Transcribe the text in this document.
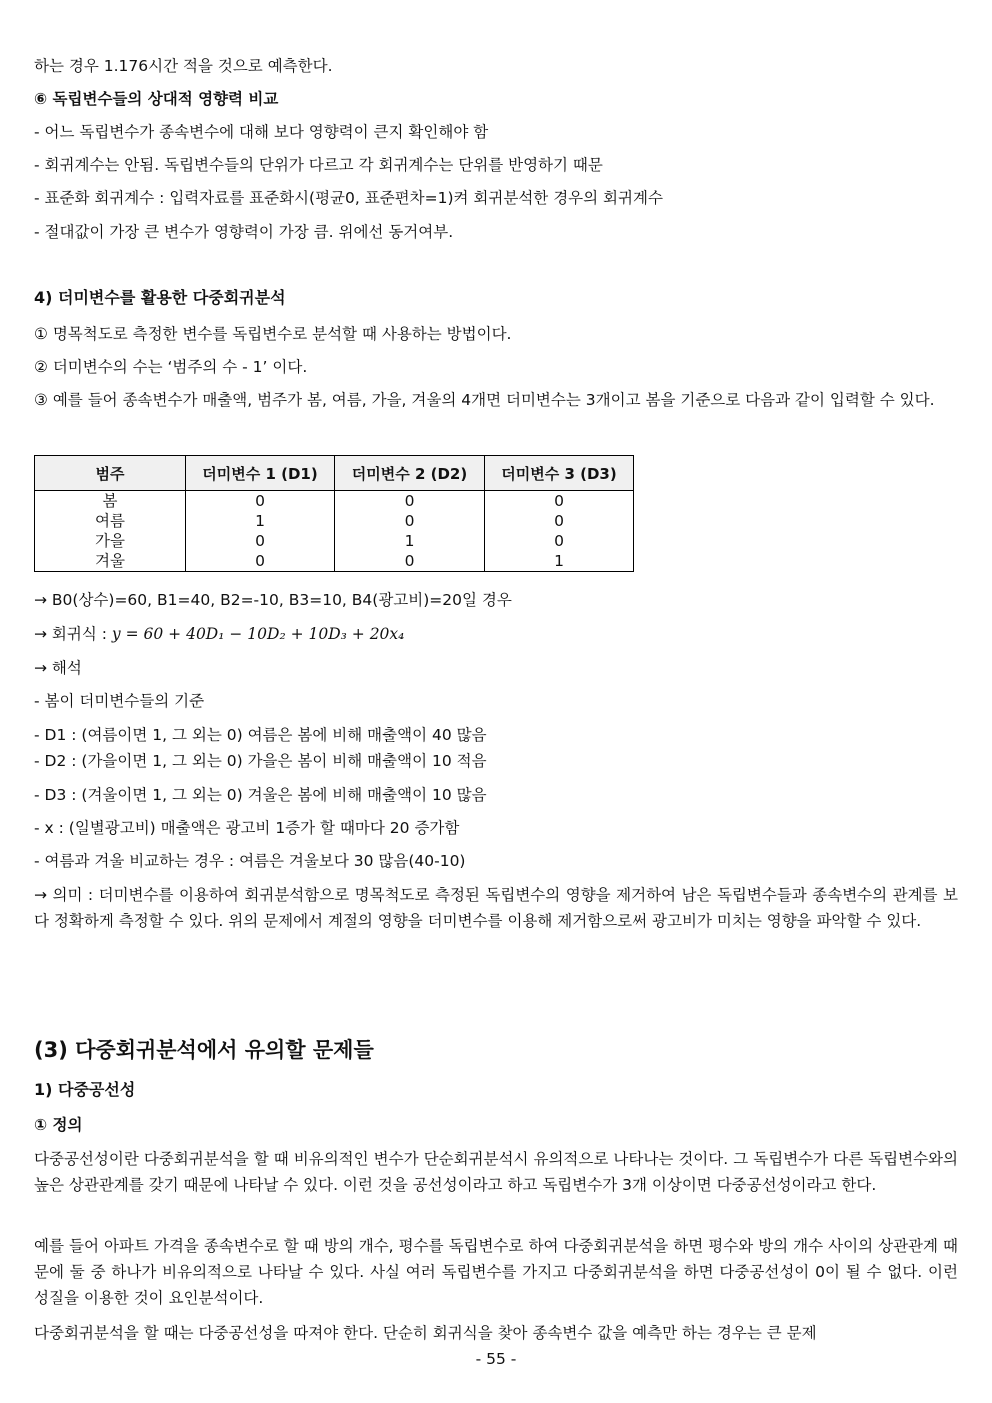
하는 경우 1.176시간 적을 것으로 예측한다.
⑥ 독립변수들의 상대적 영향력 비교
- 어느 독립변수가 종속변수에 대해 보다 영향력이 큰지 확인해야 함
- 회귀계수는 안됨. 독립변수들의 단위가 다르고 각 회귀계수는 단위를 반영하기 때문
- 표준화 회귀계수 : 입력자료를 표준화시(평균0, 표준편차=1)켜 회귀분석한 경우의 회귀계수
- 절대값이 가장 큰 변수가 영향력이 가장 큼. 위에선 동거여부.
4) 더미변수를 활용한 다중회귀분석
① 명목척도로 측정한 변수를 독립변수로 분석할 때 사용하는 방법이다.
② 더미변수의 수는 ‘범주의 수 - 1’ 이다.
③ 예를 들어 종속변수가 매출액, 범주가 봄, 여름, 가을, 겨울의 4개면 더미변수는 3개이고 봄을 기준으로 다음과 같이 입력할 수 있다.
범주	더미변수 1 (D1)	더미변수 2 (D2)	더미변수 3 (D3)
봄	0	0	0
여름	1	0	0
가을	0	1	0
겨울	0	0	1
→ B0(상수)=60, B1=40, B2=-10, B3=10, B4(광고비)=20일 경우
→ 회귀식 : y = 60 + 40D₁ − 10D₂ + 10D₃ + 20x₄
→ 해석
- 봄이 더미변수들의 기준
- D1 : (여름이면 1, 그 외는 0) 여름은 봄에 비해 매출액이 40 많음
- D2 : (가을이면 1, 그 외는 0) 가을은 봄이 비해 매출액이 10 적음
- D3 : (겨울이면 1, 그 외는 0) 겨울은 봄에 비해 매출액이 10 많음
- x : (일별광고비) 매출액은 광고비 1증가 할 때마다 20 증가함
- 여름과 겨울 비교하는 경우 : 여름은 겨울보다 30 많음(40-10)
→ 의미 : 더미변수를 이용하여 회귀분석함으로 명목척도로 측정된 독립변수의 영향을 제거하여 남은 독립변수들과 종속변수의 관계를 보다 정확하게 측정할 수 있다. 위의 문제에서 계절의 영향을 더미변수를 이용해 제거함으로써 광고비가 미치는 영향을 파악할 수 있다.
(3) 다중회귀분석에서 유의할 문제들
1) 다중공선성
① 정의
다중공선성이란 다중회귀분석을 할 때 비유의적인 변수가 단순회귀분석시 유의적으로 나타나는 것이다. 그 독립변수가 다른 독립변수와의 높은 상관관계를 갖기 때문에 나타날 수 있다. 이런 것을 공선성이라고 하고 독립변수가 3개 이상이면 다중공선성이라고 한다.
예를 들어 아파트 가격을 종속변수로 할 때 방의 개수, 평수를 독립변수로 하여 다중회귀분석을 하면 평수와 방의 개수 사이의 상관관계 때문에 둘 중 하나가 비유의적으로 나타날 수 있다. 사실 여러 독립변수를 가지고 다중회귀분석을 하면 다중공선성이 0이 될 수 없다. 이런 성질을 이용한 것이 요인분석이다.
다중회귀분석을 할 때는 다중공선성을 따져야 한다. 단순히 회귀식을 찾아 종속변수 값을 예측만 하는 경우는 큰 문제
- 55 -
